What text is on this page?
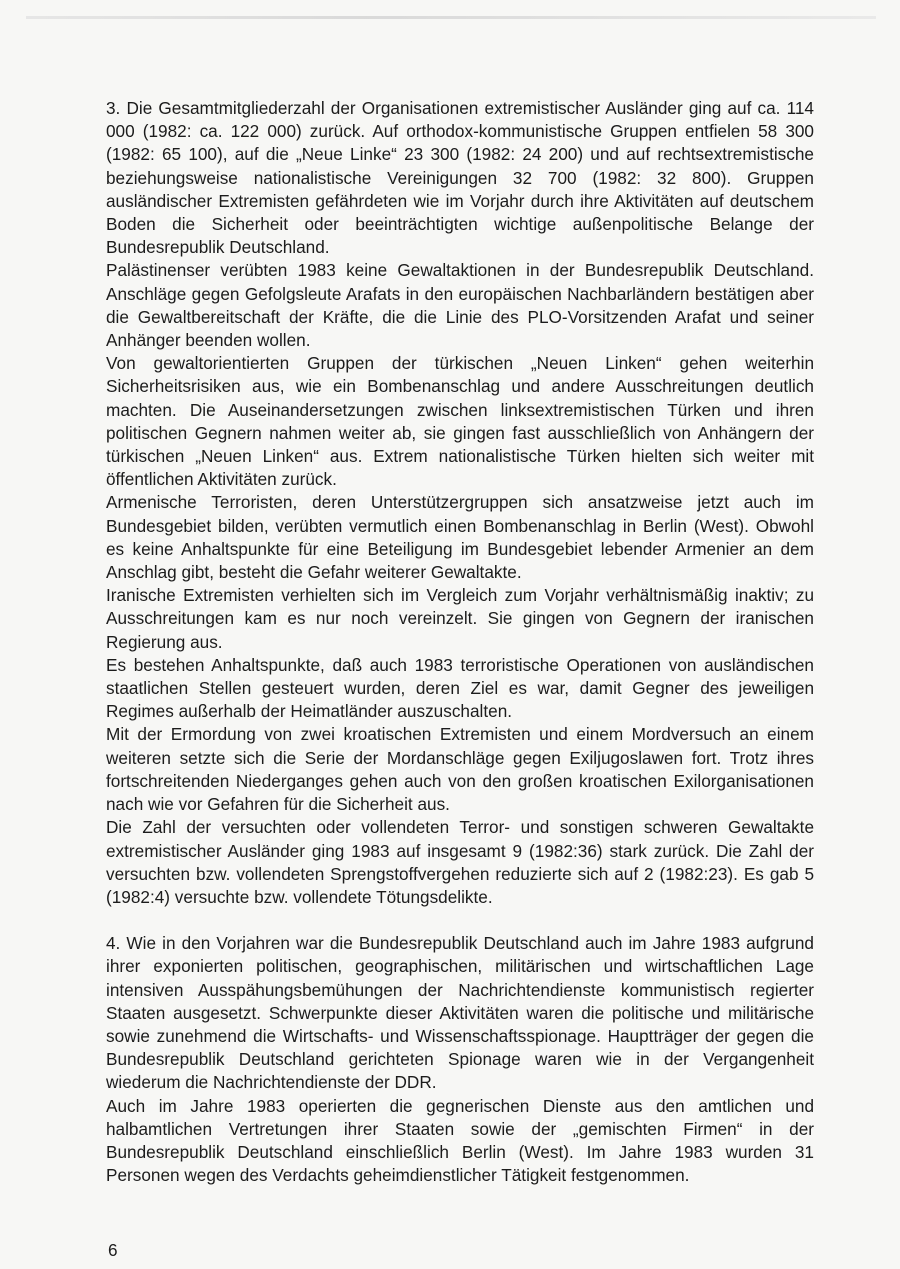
3. Die Gesamtmitgliederzahl der Organisationen extremistischer Ausländer ging auf ca. 114 000 (1982: ca. 122 000) zurück. Auf orthodox-kommunistische Gruppen entfielen 58 300 (1982: 65 100), auf die „Neue Linke“ 23 300 (1982: 24 200) und auf rechtsextremistische beziehungsweise nationalistische Vereinigungen 32 700 (1982: 32 800). Gruppen ausländischer Extremisten gefährdeten wie im Vorjahr durch ihre Aktivitäten auf deutschem Boden die Sicherheit oder beeinträchtigten wichtige außenpolitische Belange der Bundesrepublik Deutschland.

Palästinenser verübten 1983 keine Gewaltaktionen in der Bundesrepublik Deutschland. Anschläge gegen Gefolgsleute Arafats in den europäischen Nachbarländern bestätigen aber die Gewaltbereitschaft der Kräfte, die die Linie des PLO-Vorsitzenden Arafat und seiner Anhänger beenden wollen.

Von gewaltorientierten Gruppen der türkischen „Neuen Linken“ gehen weiterhin Sicherheitsrisiken aus, wie ein Bombenanschlag und andere Ausschreitungen deutlich machten. Die Auseinandersetzungen zwischen linksextremistischen Türken und ihren politischen Gegnern nahmen weiter ab, sie gingen fast ausschließlich von Anhängern der türkischen „Neuen Linken“ aus. Extrem nationalistische Türken hielten sich weiter mit öffentlichen Aktivitäten zurück.

Armenische Terroristen, deren Unterstützergruppen sich ansatzweise jetzt auch im Bundesgebiet bilden, verübten vermutlich einen Bombenanschlag in Berlin (West). Obwohl es keine Anhaltspunkte für eine Beteiligung im Bundesgebiet lebender Armenier an dem Anschlag gibt, besteht die Gefahr weiterer Gewaltakte.

Iranische Extremisten verhielten sich im Vergleich zum Vorjahr verhältnismäßig inaktiv; zu Ausschreitungen kam es nur noch vereinzelt. Sie gingen von Gegnern der iranischen Regierung aus.

Es bestehen Anhaltspunkte, daß auch 1983 terroristische Operationen von ausländischen staatlichen Stellen gesteuert wurden, deren Ziel es war, damit Gegner des jeweiligen Regimes außerhalb der Heimatländer auszuschalten.

Mit der Ermordung von zwei kroatischen Extremisten und einem Mordversuch an einem weiteren setzte sich die Serie der Mordanschläge gegen Exiljugoslawen fort. Trotz ihres fortschreitenden Niederganges gehen auch von den großen kroatischen Exilorganisationen nach wie vor Gefahren für die Sicherheit aus.

Die Zahl der versuchten oder vollendeten Terror- und sonstigen schweren Gewaltakte extremistischer Ausländer ging 1983 auf insgesamt 9 (1982:36) stark zurück. Die Zahl der versuchten bzw. vollendeten Sprengstoffvergehen reduzierte sich auf 2 (1982:23). Es gab 5 (1982:4) versuchte bzw. vollendete Tötungsdelikte.

4. Wie in den Vorjahren war die Bundesrepublik Deutschland auch im Jahre 1983 aufgrund ihrer exponierten politischen, geographischen, militärischen und wirtschaftlichen Lage intensiven Ausspähungsbemühungen der Nachrichtendienste kommunistisch regierter Staaten ausgesetzt. Schwerpunkte dieser Aktivitäten waren die politische und militärische sowie zunehmend die Wirtschafts- und Wissenschaftsspionage. Hauptträger der gegen die Bundesrepublik Deutschland gerichteten Spionage waren wie in der Vergangenheit wiederum die Nachrichtendienste der DDR.

Auch im Jahre 1983 operierten die gegnerischen Dienste aus den amtlichen und halbamtlichen Vertretungen ihrer Staaten sowie der „gemischten Firmen“ in der Bundesrepublik Deutschland einschließlich Berlin (West). Im Jahre 1983 wurden 31 Personen wegen des Verdachts geheimdienstlicher Tätigkeit festgenommen.

6
